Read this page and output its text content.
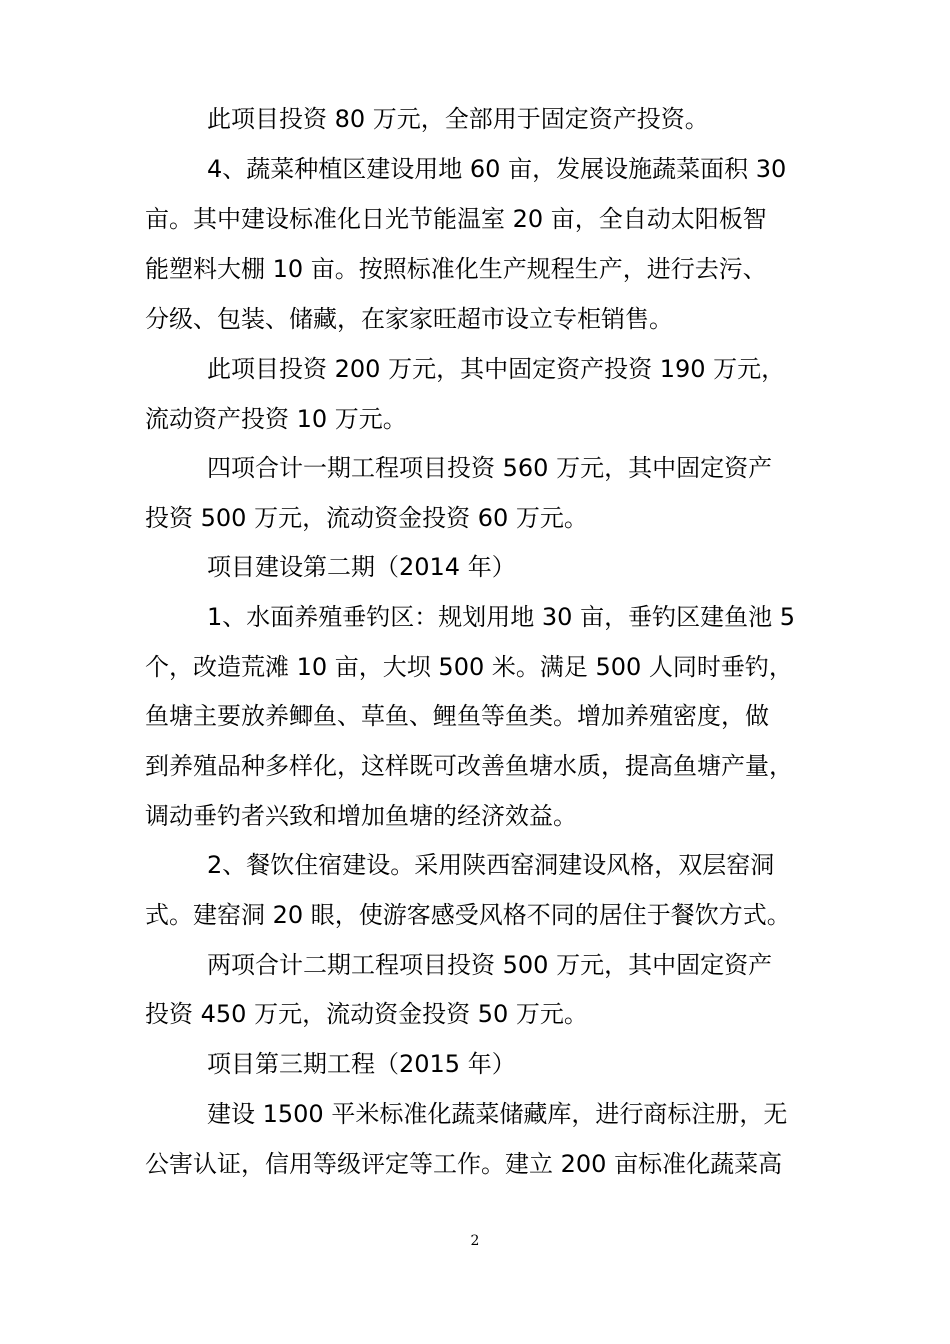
此项目投资 80 万元，全部用于固定资产投资。
4、蔬菜种植区建设用地 60 亩，发展设施蔬菜面积 30
亩。其中建设标准化日光节能温室 20 亩，全自动太阳板智
能塑料大棚 10 亩。按照标准化生产规程生产，进行去污、
分级、包装、储藏，在家家旺超市设立专柜销售。
此项目投资 200 万元，其中固定资产投资 190 万元，
流动资产投资 10 万元。
四项合计一期工程项目投资 560 万元，其中固定资产
投资 500 万元，流动资金投资 60 万元。
项目建设第二期（2014 年）
1、水面养殖垂钓区：规划用地 30 亩，垂钓区建鱼池 5
个，改造荒滩 10 亩，大坝 500 米。满足 500 人同时垂钓，
鱼塘主要放养鲫鱼、草鱼、鲤鱼等鱼类。增加养殖密度，做
到养殖品种多样化，这样既可改善鱼塘水质，提高鱼塘产量，
调动垂钓者兴致和增加鱼塘的经济效益。
2、餐饮住宿建设。采用陕西窑洞建设风格，双层窑洞
式。建窑洞 20 眼，使游客感受风格不同的居住于餐饮方式。
两项合计二期工程项目投资 500 万元，其中固定资产
投资 450 万元，流动资金投资 50 万元。
项目第三期工程（2015 年）
建设 1500 平米标准化蔬菜储藏库，进行商标注册，无
公害认证，信用等级评定等工作。建立 200 亩标准化蔬菜高
2
